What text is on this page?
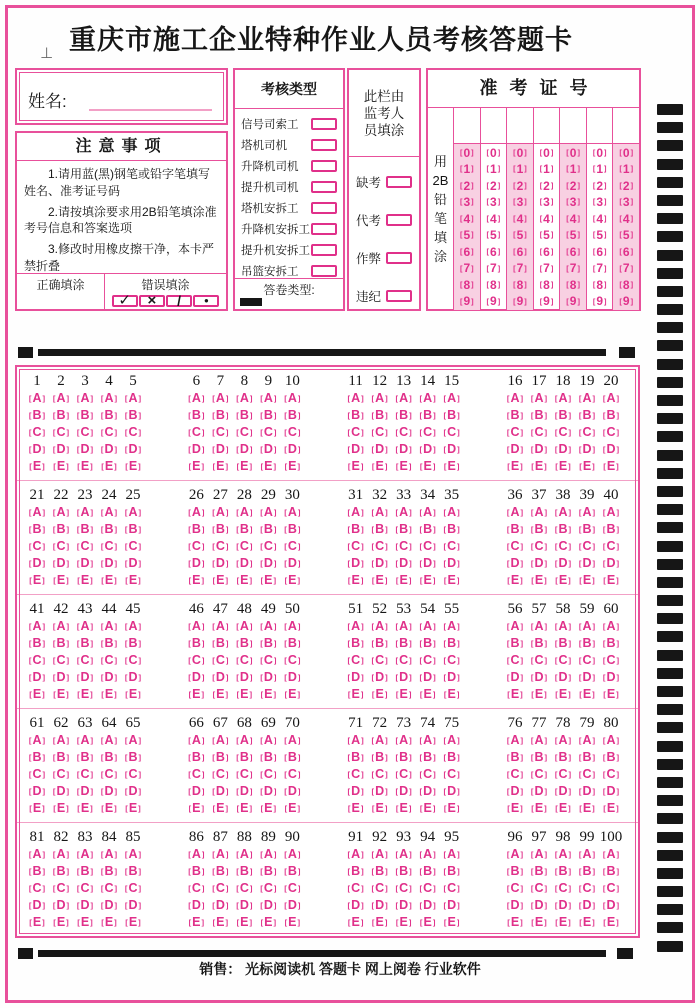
重庆市施工企业特种作业人员考核答题卡
⊥
姓名:
注意事项

1.请用蓝(黑)钢笔或铅字笔填写姓名、准考证号码

2.请按填涂要求用2B铅笔填涂准考号信息和答案选项

3.修改时用橡皮擦干净，本卡严禁折叠

正确填涂	错误填涂
✓ × /	●
考核类型
信号司索工
塔机司机
升降机司机
提升机司机
塔机安拆工
升降机安拆工
提升机安拆工
吊篮安拆工
答卷类型:
此栏由
监考人
员填涂
缺考
代考
作弊
违纪
准考证号
用
2B
铅
笔
填
涂
[ 0 ]
[ 1 ]
[ 2 ]
[ 3 ]
[ 4 ]
[ 5 ]
[ 6 ]
[ 7 ]
[ 8 ]
[ 9 ]
[ 0 ]
[ 1 ]
[ 2 ]
[ 3 ]
[ 4 ]
[ 5 ]
[ 6 ]
[ 7 ]
[ 8 ]
[ 9 ]
[ 0 ]
[ 1 ]
[ 2 ]
[ 3 ]
[ 4 ]
[ 5 ]
[ 6 ]
[ 7 ]
[ 8 ]
[ 9 ]
[ 0 ]
[ 1 ]
[ 2 ]
[ 3 ]
[ 4 ]
[ 5 ]
[ 6 ]
[ 7 ]
[ 8 ]
[ 9 ]
[ 0 ]
[ 1 ]
[ 2 ]
[ 3 ]
[ 4 ]
[ 5 ]
[ 6 ]
[ 7 ]
[ 8 ]
[ 9 ]
[ 0 ]
[ 1 ]
[ 2 ]
[ 3 ]
[ 4 ]
[ 5 ]
[ 6 ]
[ 7 ]
[ 8 ]
[ 9 ]
[ 0 ]
[ 1 ]
[ 2 ]
[ 3 ]
[ 4 ]
[ 5 ]
[ 6 ]
[ 7 ]
[ 8 ]
[ 9 ]
1
[ A ]
[ B ]
[ C ]
[ D ]
[ E ]
2
[ A ]
[ B ]
[ C ]
[ D ]
[ E ]
3
[ A ]
[ B ]
[ C ]
[ D ]
[ E ]
4
[ A ]
[ B ]
[ C ]
[ D ]
[ E ]
5
[ A ]
[ B ]
[ C ]
[ D ]
[ E ]
6
[ A ]
[ B ]
[ C ]
[ D ]
[ E ]
7
[ A ]
[ B ]
[ C ]
[ D ]
[ E ]
8
[ A ]
[ B ]
[ C ]
[ D ]
[ E ]
9
[ A ]
[ B ]
[ C ]
[ D ]
[ E ]
10
[ A ]
[ B ]
[ C ]
[ D ]
[ E ]
11
[ A ]
[ B ]
[ C ]
[ D ]
[ E ]
12
[ A ]
[ B ]
[ C ]
[ D ]
[ E ]
13
[ A ]
[ B ]
[ C ]
[ D ]
[ E ]
14
[ A ]
[ B ]
[ C ]
[ D ]
[ E ]
15
[ A ]
[ B ]
[ C ]
[ D ]
[ E ]
16
[ A ]
[ B ]
[ C ]
[ D ]
[ E ]
17
[ A ]
[ B ]
[ C ]
[ D ]
[ E ]
18
[ A ]
[ B ]
[ C ]
[ D ]
[ E ]
19
[ A ]
[ B ]
[ C ]
[ D ]
[ E ]
20
[ A ]
[ B ]
[ C ]
[ D ]
[ E ]
21
[ A ]
[ B ]
[ C ]
[ D ]
[ E ]
22
[ A ]
[ B ]
[ C ]
[ D ]
[ E ]
23
[ A ]
[ B ]
[ C ]
[ D ]
[ E ]
24
[ A ]
[ B ]
[ C ]
[ D ]
[ E ]
25
[ A ]
[ B ]
[ C ]
[ D ]
[ E ]
26
[ A ]
[ B ]
[ C ]
[ D ]
[ E ]
27
[ A ]
[ B ]
[ C ]
[ D ]
[ E ]
28
[ A ]
[ B ]
[ C ]
[ D ]
[ E ]
29
[ A ]
[ B ]
[ C ]
[ D ]
[ E ]
30
[ A ]
[ B ]
[ C ]
[ D ]
[ E ]
31
[ A ]
[ B ]
[ C ]
[ D ]
[ E ]
32
[ A ]
[ B ]
[ C ]
[ D ]
[ E ]
33
[ A ]
[ B ]
[ C ]
[ D ]
[ E ]
34
[ A ]
[ B ]
[ C ]
[ D ]
[ E ]
35
[ A ]
[ B ]
[ C ]
[ D ]
[ E ]
36
[ A ]
[ B ]
[ C ]
[ D ]
[ E ]
37
[ A ]
[ B ]
[ C ]
[ D ]
[ E ]
38
[ A ]
[ B ]
[ C ]
[ D ]
[ E ]
39
[ A ]
[ B ]
[ C ]
[ D ]
[ E ]
40
[ A ]
[ B ]
[ C ]
[ D ]
[ E ]
41
[ A ]
[ B ]
[ C ]
[ D ]
[ E ]
42
[ A ]
[ B ]
[ C ]
[ D ]
[ E ]
43
[ A ]
[ B ]
[ C ]
[ D ]
[ E ]
44
[ A ]
[ B ]
[ C ]
[ D ]
[ E ]
45
[ A ]
[ B ]
[ C ]
[ D ]
[ E ]
46
[ A ]
[ B ]
[ C ]
[ D ]
[ E ]
47
[ A ]
[ B ]
[ C ]
[ D ]
[ E ]
48
[ A ]
[ B ]
[ C ]
[ D ]
[ E ]
49
[ A ]
[ B ]
[ C ]
[ D ]
[ E ]
50
[ A ]
[ B ]
[ C ]
[ D ]
[ E ]
51
[ A ]
[ B ]
[ C ]
[ D ]
[ E ]
52
[ A ]
[ B ]
[ C ]
[ D ]
[ E ]
53
[ A ]
[ B ]
[ C ]
[ D ]
[ E ]
54
[ A ]
[ B ]
[ C ]
[ D ]
[ E ]
55
[ A ]
[ B ]
[ C ]
[ D ]
[ E ]
56
[ A ]
[ B ]
[ C ]
[ D ]
[ E ]
57
[ A ]
[ B ]
[ C ]
[ D ]
[ E ]
58
[ A ]
[ B ]
[ C ]
[ D ]
[ E ]
59
[ A ]
[ B ]
[ C ]
[ D ]
[ E ]
60
[ A ]
[ B ]
[ C ]
[ D ]
[ E ]
61
[ A ]
[ B ]
[ C ]
[ D ]
[ E ]
62
[ A ]
[ B ]
[ C ]
[ D ]
[ E ]
63
[ A ]
[ B ]
[ C ]
[ D ]
[ E ]
64
[ A ]
[ B ]
[ C ]
[ D ]
[ E ]
65
[ A ]
[ B ]
[ C ]
[ D ]
[ E ]
66
[ A ]
[ B ]
[ C ]
[ D ]
[ E ]
67
[ A ]
[ B ]
[ C ]
[ D ]
[ E ]
68
[ A ]
[ B ]
[ C ]
[ D ]
[ E ]
69
[ A ]
[ B ]
[ C ]
[ D ]
[ E ]
70
[ A ]
[ B ]
[ C ]
[ D ]
[ E ]
71
[ A ]
[ B ]
[ C ]
[ D ]
[ E ]
72
[ A ]
[ B ]
[ C ]
[ D ]
[ E ]
73
[ A ]
[ B ]
[ C ]
[ D ]
[ E ]
74
[ A ]
[ B ]
[ C ]
[ D ]
[ E ]
75
[ A ]
[ B ]
[ C ]
[ D ]
[ E ]
76
[ A ]
[ B ]
[ C ]
[ D ]
[ E ]
77
[ A ]
[ B ]
[ C ]
[ D ]
[ E ]
78
[ A ]
[ B ]
[ C ]
[ D ]
[ E ]
79
[ A ]
[ B ]
[ C ]
[ D ]
[ E ]
80
[ A ]
[ B ]
[ C ]
[ D ]
[ E ]
81
[ A ]
[ B ]
[ C ]
[ D ]
[ E ]
82
[ A ]
[ B ]
[ C ]
[ D ]
[ E ]
83
[ A ]
[ B ]
[ C ]
[ D ]
[ E ]
84
[ A ]
[ B ]
[ C ]
[ D ]
[ E ]
85
[ A ]
[ B ]
[ C ]
[ D ]
[ E ]
86
[ A ]
[ B ]
[ C ]
[ D ]
[ E ]
87
[ A ]
[ B ]
[ C ]
[ D ]
[ E ]
88
[ A ]
[ B ]
[ C ]
[ D ]
[ E ]
89
[ A ]
[ B ]
[ C ]
[ D ]
[ E ]
90
[ A ]
[ B ]
[ C ]
[ D ]
[ E ]
91
[ A ]
[ B ]
[ C ]
[ D ]
[ E ]
92
[ A ]
[ B ]
[ C ]
[ D ]
[ E ]
93
[ A ]
[ B ]
[ C ]
[ D ]
[ E ]
94
[ A ]
[ B ]
[ C ]
[ D ]
[ E ]
95
[ A ]
[ B ]
[ C ]
[ D ]
[ E ]
96
[ A ]
[ B ]
[ C ]
[ D ]
[ E ]
97
[ A ]
[ B ]
[ C ]
[ D ]
[ E ]
98
[ A ]
[ B ]
[ C ]
[ D ]
[ E ]
99
[ A ]
[ B ]
[ C ]
[ D ]
[ E ]
100
[ A ]
[ B ]
[ C ]
[ D ]
[ E ]
销售： 光标阅读机 答题卡 网上阅卷 行业软件
